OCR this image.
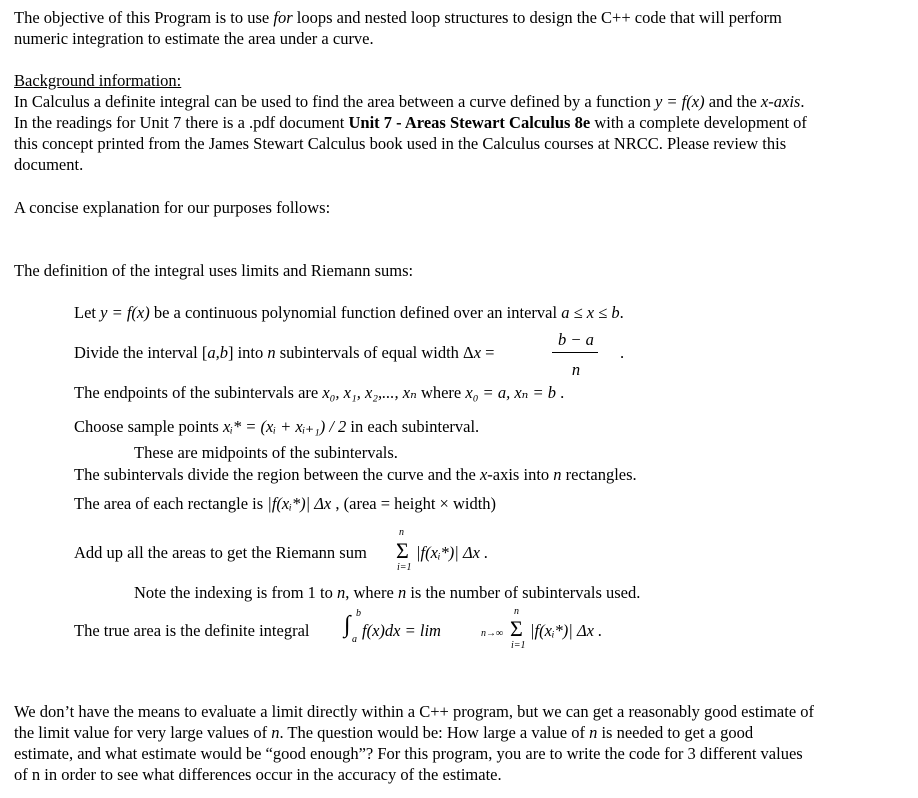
The objective of this Program is to use for loops and nested loop structures to design the C++ code that will perform
numeric integration to estimate the area under a curve.
Background information:
In Calculus a definite integral can be used to find the area between a curve defined by a function y = f(x) and the x-axis.
In the readings for Unit 7 there is a .pdf document Unit 7 - Areas Stewart Calculus 8e with a complete development of
this concept printed from the James Stewart Calculus book used in the Calculus courses at NRCC. Please review this
document.
A concise explanation for our purposes follows:
The definition of the integral uses limits and Riemann sums:
Let y = f(x) be a continuous polynomial function defined over an interval a ≤ x ≤ b.
Divide the interval [a,b] into n subintervals of equal width Δx =
b − a
n
.
The endpoints of the subintervals are x₀, x₁, x₂,..., xₙ where x₀ = a, xₙ = b .
Choose sample points xᵢ* = (xᵢ + xᵢ₊₁) / 2 in each subinterval.
These are midpoints of the subintervals.
The subintervals divide the region between the curve and the x-axis into n rectangles.
The area of each rectangle is |f(xᵢ*)| Δx , (area = height × width)
Add up all the areas to get the Riemann sum
n
Σ
i=1
|f(xᵢ*)| Δx .
Note the indexing is from 1 to n, where n is the number of subintervals used.
The true area is the definite integral ∫ b
a f(x)dx = lim	n→∞
n
Σ
i=1
|f(xᵢ*)| Δx .
We don’t have the means to evaluate a limit directly within a C++ program, but we can get a reasonably good estimate of
the limit value for very large values of n. The question would be: How large a value of n is needed to get a good
estimate, and what estimate would be “good enough”? For this program, you are to write the code for 3 different values
of n in order to see what differences occur in the accuracy of the estimate.
